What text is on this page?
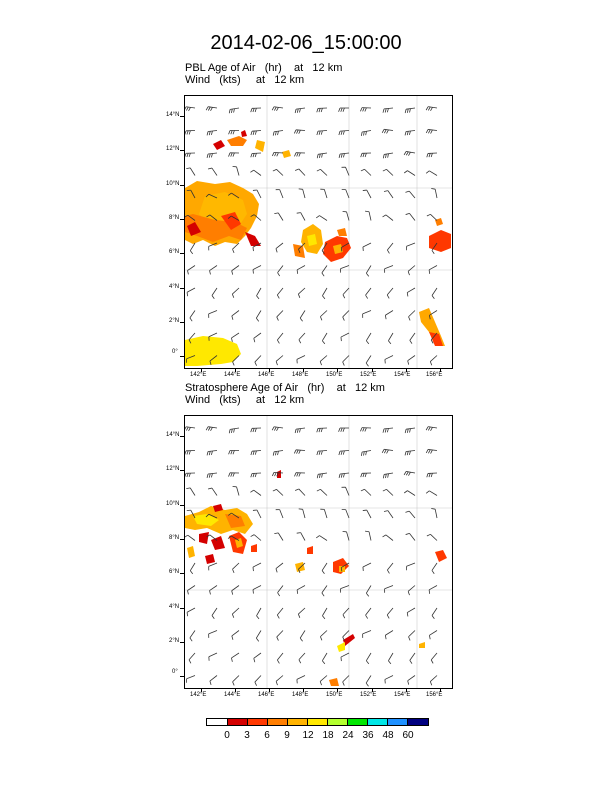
2014-02-06_15:00:00
PBL Age of Air (hr) at 12 km
Wind (kts) at 12 km
14°N
12°N
10°N
8°N
6°N
4°N
2°N
0°
142°E	144°E	146°E	148°E	150°E	152°E	154°E	156°E
Stratosphere Age of Air (hr) at 12 km
Wind (kts) at 12 km
14°N
12°N
10°N
8°N
6°N
4°N
2°N
0°
142°E	144°E	146°E	148°E	150°E	152°E	154°E	156°E
0 3 6 9 12 18 24 36 48 60
